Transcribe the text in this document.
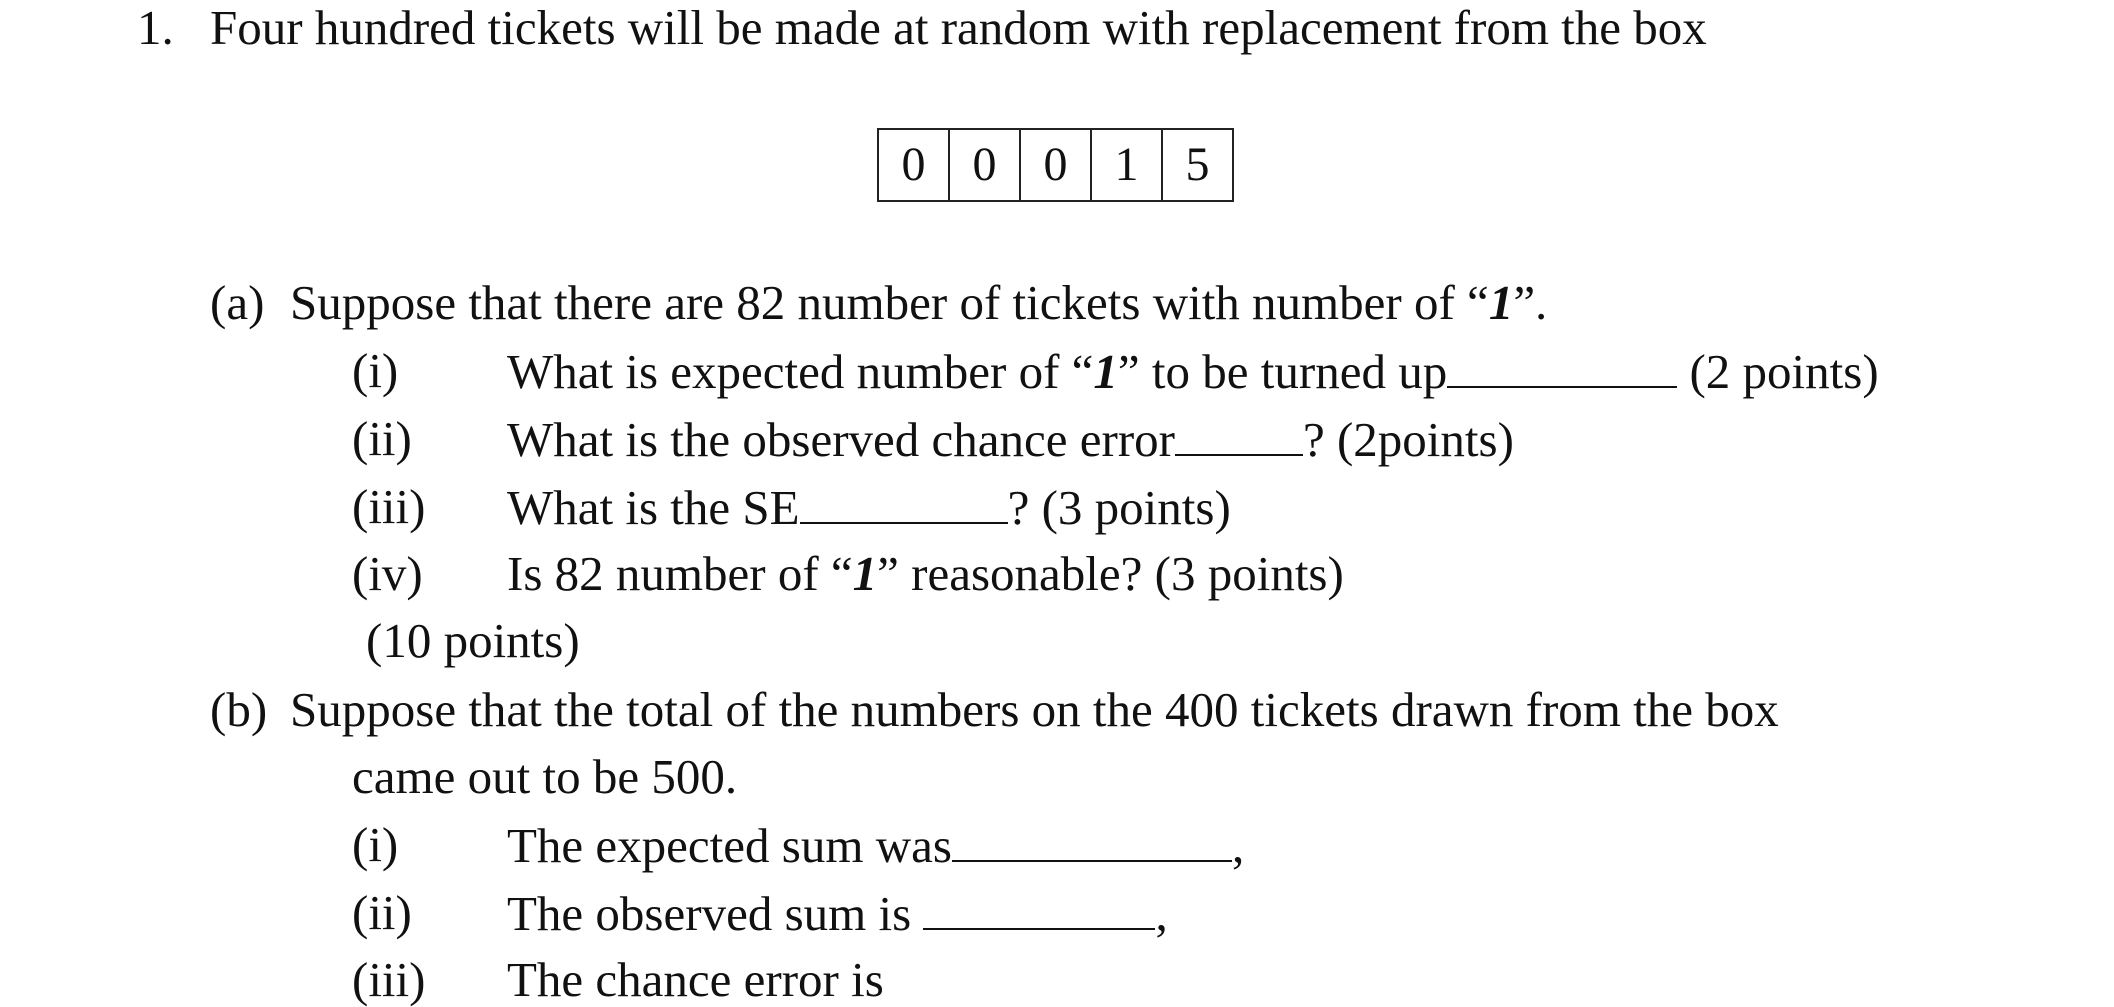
1. Four hundred tickets will be made at random with replacement from the box
0 0 0 1 5
(a) Suppose that there are 82 number of tickets with number of “1”.
(i) What is expected number of “1” to be turned up	(2 points)
(ii) What is the observed chance error	? (2points)
(iii) What is the SE	? (3 points)
(iv) Is 82 number of “1” reasonable? (3 points)
(10 points)
(b) Suppose that the total of the numbers on the 400 tickets drawn from the box
came out to be 500.
(i) The expected sum was	,
(ii) The observed sum is	,
(iii) The chance error is
